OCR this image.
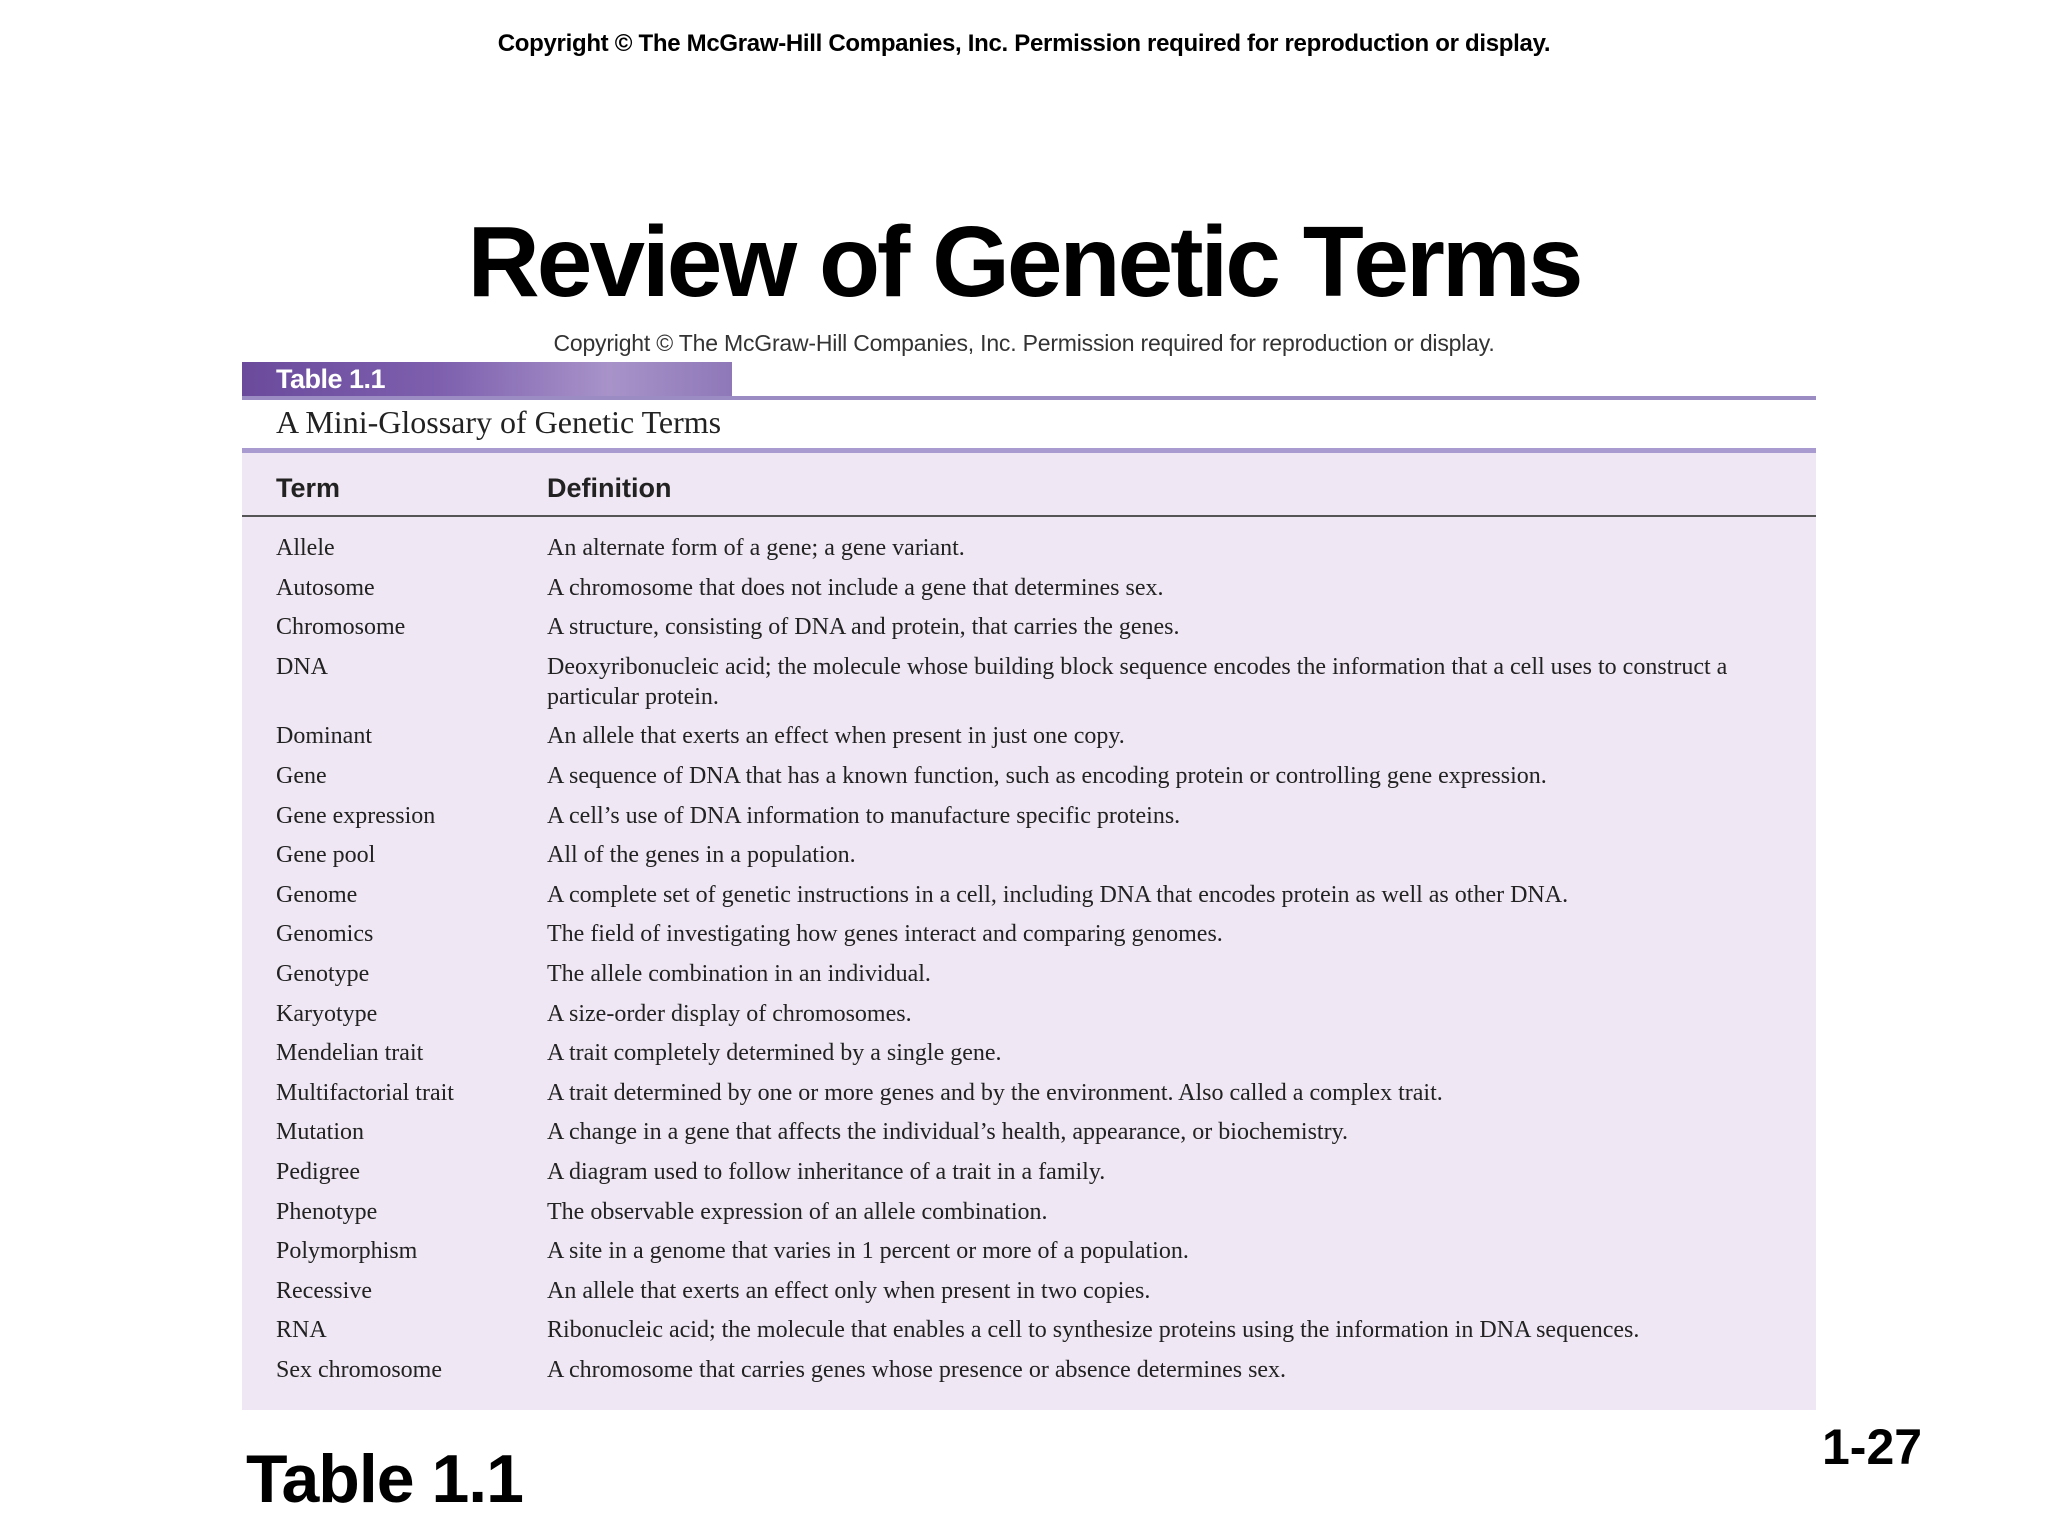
Copyright © The McGraw-Hill Companies, Inc. Permission required for reproduction or display.
Review of Genetic Terms
Copyright © The McGraw-Hill Companies, Inc. Permission required for reproduction or display.
Table 1.1
A Mini-Glossary of Genetic Terms
Term	Definition
Allele	An alternate form of a gene; a gene variant.
Autosome	A chromosome that does not include a gene that determines sex.
Chromosome	A structure, consisting of DNA and protein, that carries the genes.
DNA	Deoxyribonucleic acid; the molecule whose building block sequence encodes the information that a cell uses to construct a particular protein.
Dominant	An allele that exerts an effect when present in just one copy.
Gene	A sequence of DNA that has a known function, such as encoding protein or controlling gene expression.
Gene expression	A cell’s use of DNA information to manufacture specific proteins.
Gene pool	All of the genes in a population.
Genome	A complete set of genetic instructions in a cell, including DNA that encodes protein as well as other DNA.
Genomics	The field of investigating how genes interact and comparing genomes.
Genotype	The allele combination in an individual.
Karyotype	A size-order display of chromosomes.
Mendelian trait	A trait completely determined by a single gene.
Multifactorial trait	A trait determined by one or more genes and by the environment. Also called a complex trait.
Mutation	A change in a gene that affects the individual’s health, appearance, or biochemistry.
Pedigree	A diagram used to follow inheritance of a trait in a family.
Phenotype	The observable expression of an allele combination.
Polymorphism	A site in a genome that varies in 1 percent or more of a population.
Recessive	An allele that exerts an effect only when present in two copies.
RNA	Ribonucleic acid; the molecule that enables a cell to synthesize proteins using the information in DNA sequences.
Sex chromosome	A chromosome that carries genes whose presence or absence determines sex.
Table 1.1	1-27
